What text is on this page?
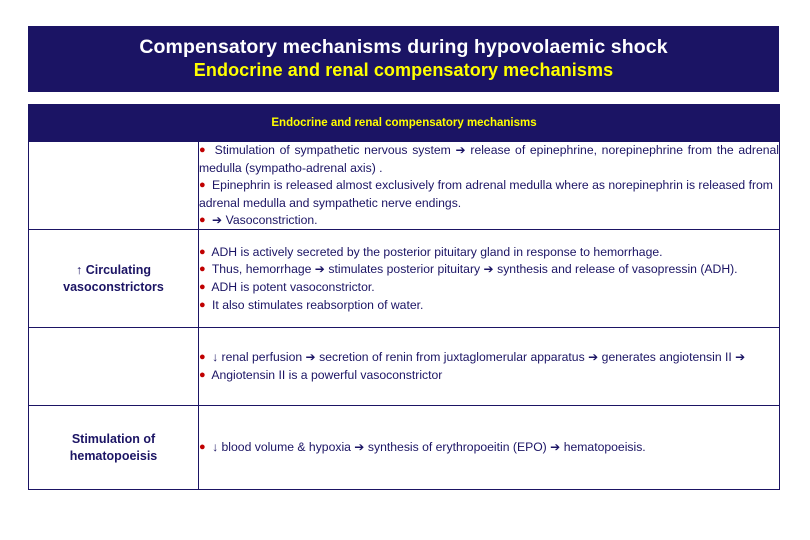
Compensatory mechanisms during hypovolaemic shock
Endocrine and renal compensatory mechanisms
Endocrine and renal compensatory mechanisms	

	● Stimulation of sympathetic nervous system ➔ release of epinephrine, norepinephrine from the adrenal medulla (sympatho-adrenal axis) .

● Epinephrin is released almost exclusively from adrenal medulla where as norepinephrin is released from adrenal medulla and sympathetic nerve endings.

● ➔ Vasoconstriction.

↑ Circulating vasoconstrictors	● ADH is actively secreted by the posterior pituitary gland in response to hemorrhage.

● Thus, hemorrhage ➔ stimulates posterior pituitary ➔ synthesis and release of vasopressin (ADH).

● ADH is potent vasoconstrictor.

● It also stimulates reabsorption of water.

	● ↓ renal perfusion ➔ secretion of renin from juxtaglomerular apparatus ➔ generates angiotensin II ➔

● Angiotensin II is a powerful vasoconstrictor

Stimulation of hematopoeisis	● ↓ blood volume & hypoxia ➔ synthesis of erythropoeitin (EPO) ➔ hematopoeisis.
